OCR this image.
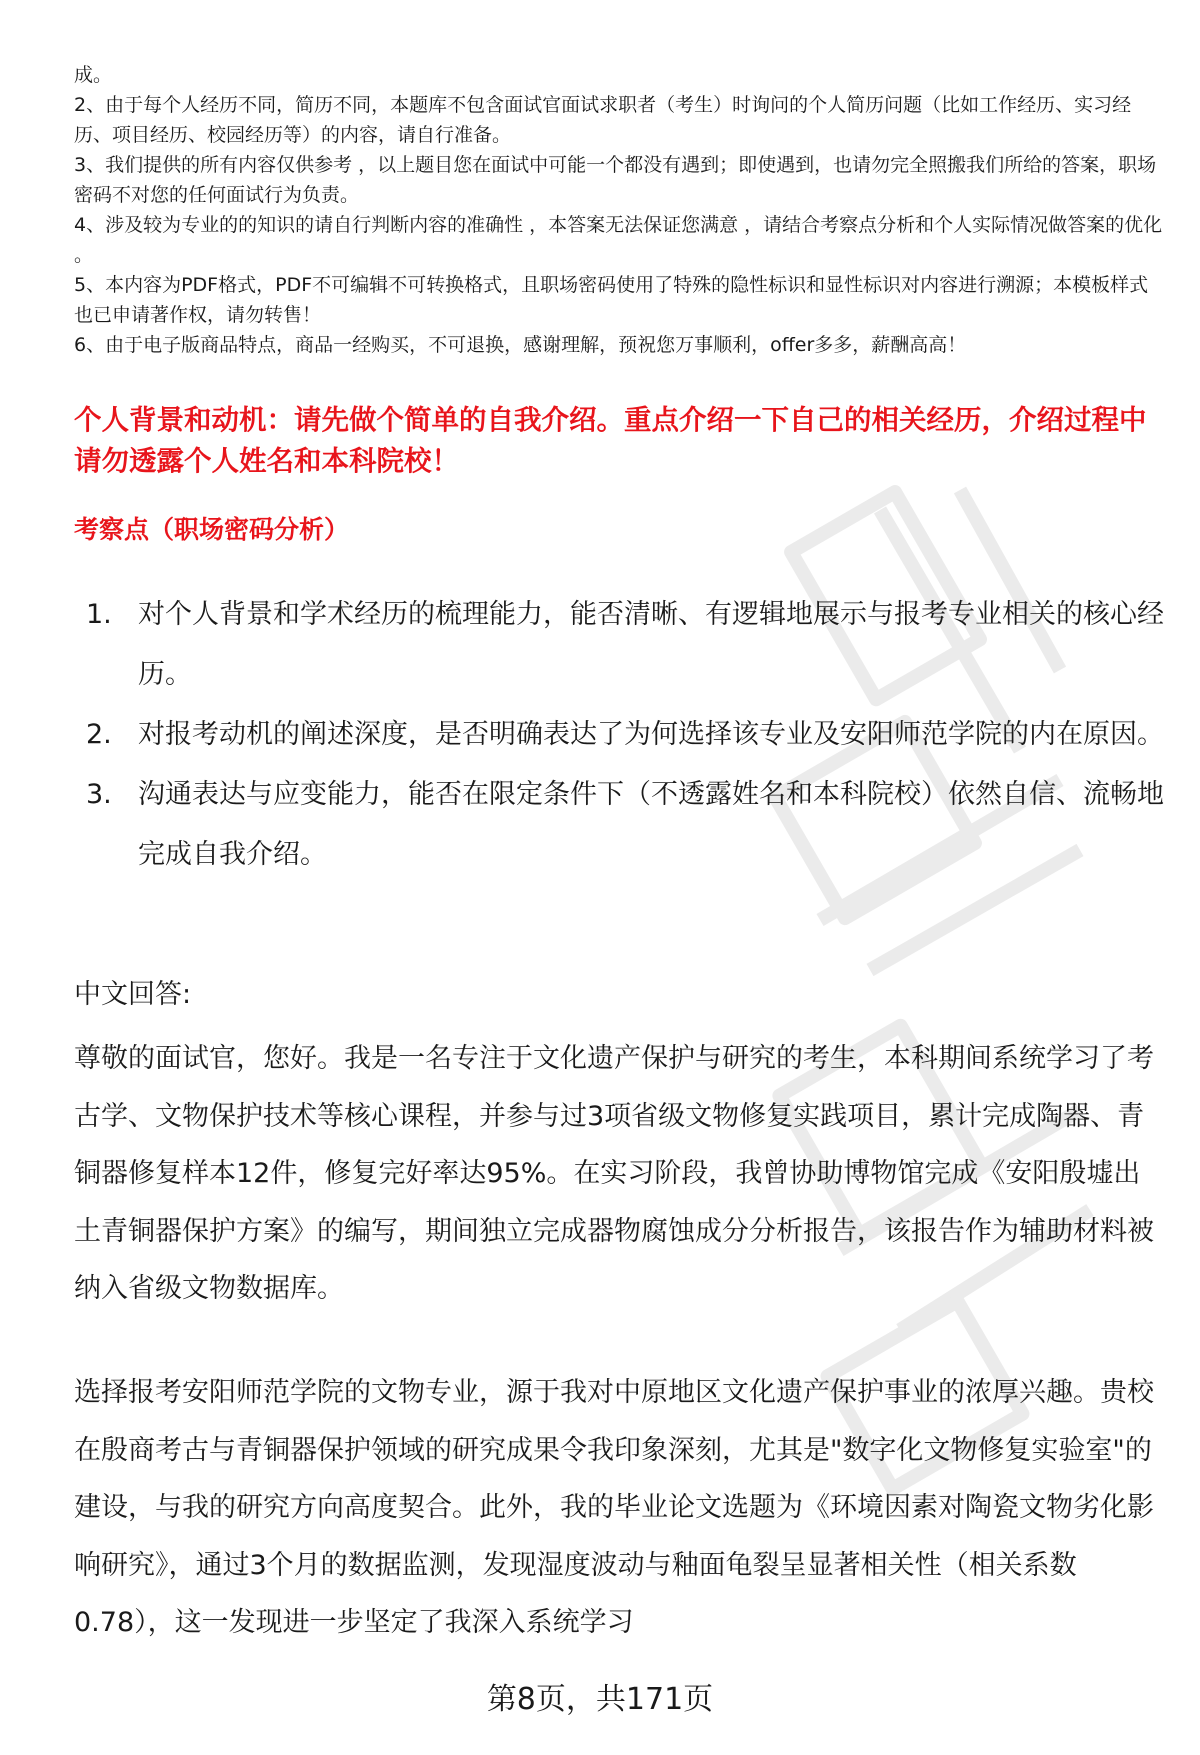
成。

2、由于每个人经历不同，简历不同，本题库不包含面试官面试求职者（考生）时询问的个人简历问题（比如工作经历、实习经历、项目经历、校园经历等）的内容，请自行准备。

3、我们提供的所有内容仅供参考 ，以上题目您在面试中可能一个都没有遇到；即使遇到，也请勿完全照搬我们所给的答案，职场密码不对您的任何面试行为负责。

4、涉及较为专业的的知识的请自行判断内容的准确性 ，本答案无法保证您满意 ，请结合考察点分析和个人实际情况做答案的优化 。

5、本内容为PDF格式，PDF不可编辑不可转换格式，且职场密码使用了特殊的隐性标识和显性标识对内容进行溯源；本模板样式也已申请著作权，请勿转售！

6、由于电子版商品特点，商品一经购买，不可退换，感谢理解，预祝您万事顺利，offer多多，薪酬高高！

个人背景和动机：请先做个简单的自我介绍。重点介绍一下自己的相关经历，介绍过程中请勿透露个人姓名和本科院校！
考察点（职场密码分析）
1. 对个人背景和学术经历的梳理能力，能否清晰、有逻辑地展示与报考专业相关的核心经历。
2. 对报考动机的阐述深度，是否明确表达了为何选择该专业及安阳师范学院的内在原因。
3. 沟通表达与应变能力，能否在限定条件下（不透露姓名和本科院校）依然自信、流畅地完成自我介绍。

中文回答:

尊敬的面试官，您好。我是一名专注于文化遗产保护与研究的考生，本科期间系统学习了考古学、文物保护技术等核心课程，并参与过3项省级文物修复实践项目，累计完成陶器、青铜器修复样本12件，修复完好率达95%。在实习阶段，我曾协助博物馆完成《安阳殷墟出土青铜器保护方案》的编写，期间独立完成器物腐蚀成分分析报告，该报告作为辅助材料被纳入省级文物数据库。

选择报考安阳师范学院的文物专业，源于我对中原地区文化遗产保护事业的浓厚兴趣。贵校在殷商考古与青铜器保护领域的研究成果令我印象深刻，尤其是"数字化文物修复实验室"的建设，与我的研究方向高度契合。此外，我的毕业论文选题为《环境因素对陶瓷文物劣化影响研究》，通过3个月的数据监测，发现湿度波动与釉面龟裂呈显著相关性（相关系数0.78），这一发现进一步坚定了我深入系统学习

第8页，共171页
